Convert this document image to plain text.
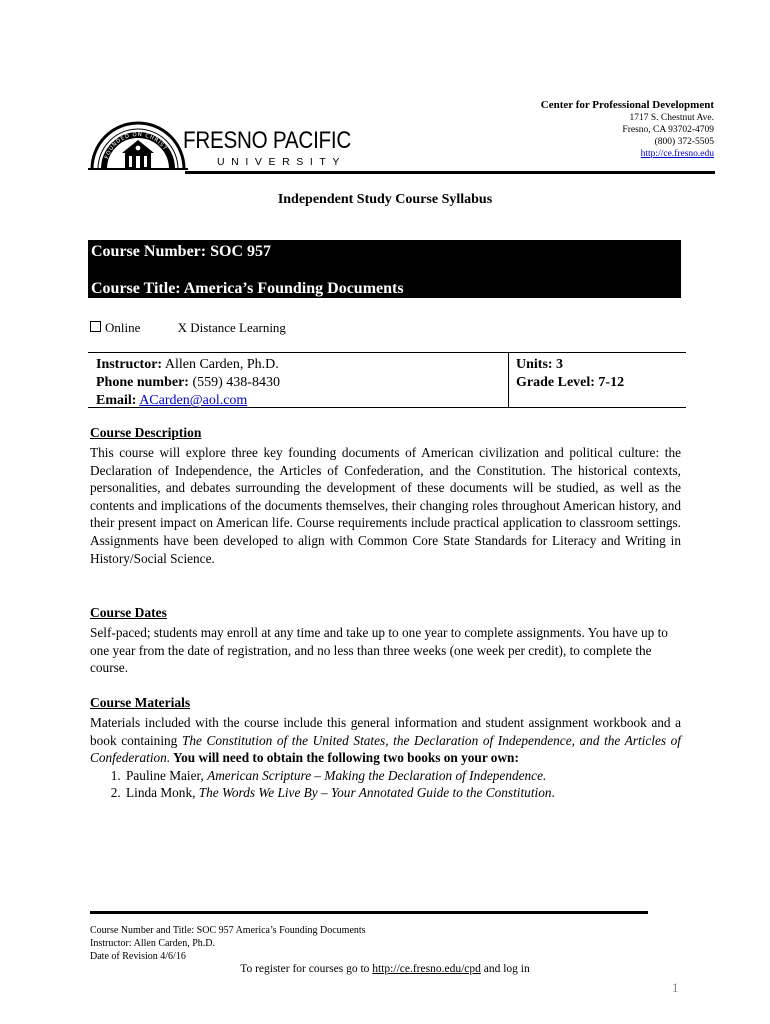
Center for Professional Development
1717 S. Chestnut Ave.
Fresno, CA 93702-4709
(800) 372-5505
http://ce.fresno.edu
FOUNDED ON CHRIST FRESNO PACIFIC
UNIVERSITY
Independent Study Course Syllabus
Course Number: SOC 957
Course Title: America’s Founding Documents
Online	X Distance Learning
Instructor: Allen Carden, Ph.D.
Phone number: (559) 438-8430
Email: ACarden@aol.com
Units: 3
Grade Level: 7-12
Course Description

This course will explore three key founding documents of American civilization and political culture: the Declaration of Independence, the Articles of Confederation, and the Constitution. The historical contexts, personalities, and debates surrounding the development of these documents will be studied, as well as the contents and implications of the documents themselves, their changing roles throughout American history, and their present impact on American life. Course requirements include practical application to classroom settings. Assignments have been developed to align with Common Core State Standards for Literacy and Writing in History/Social Science.

Course Dates

Self-paced; students may enroll at any time and take up to one year to complete assignments. You have up to one year from the date of registration, and no less than three weeks (one week per credit), to complete the course.

Course Materials

Materials included with the course include this general information and student assignment workbook and a book containing The Constitution of the United States, the Declaration of Independence, and the Articles of Confederation. You will need to obtain the following two books on your own:

1. Pauline Maier, American Scripture – Making the Declaration of Independence.
2. Linda Monk, The Words We Live By – Your Annotated Guide to the Constitution.
Course Number and Title: SOC 957 America’s Founding Documents
Instructor: Allen Carden, Ph.D.
Date of Revision 4/6/16
To register for courses go to http://ce.fresno.edu/cpd and log in
1
